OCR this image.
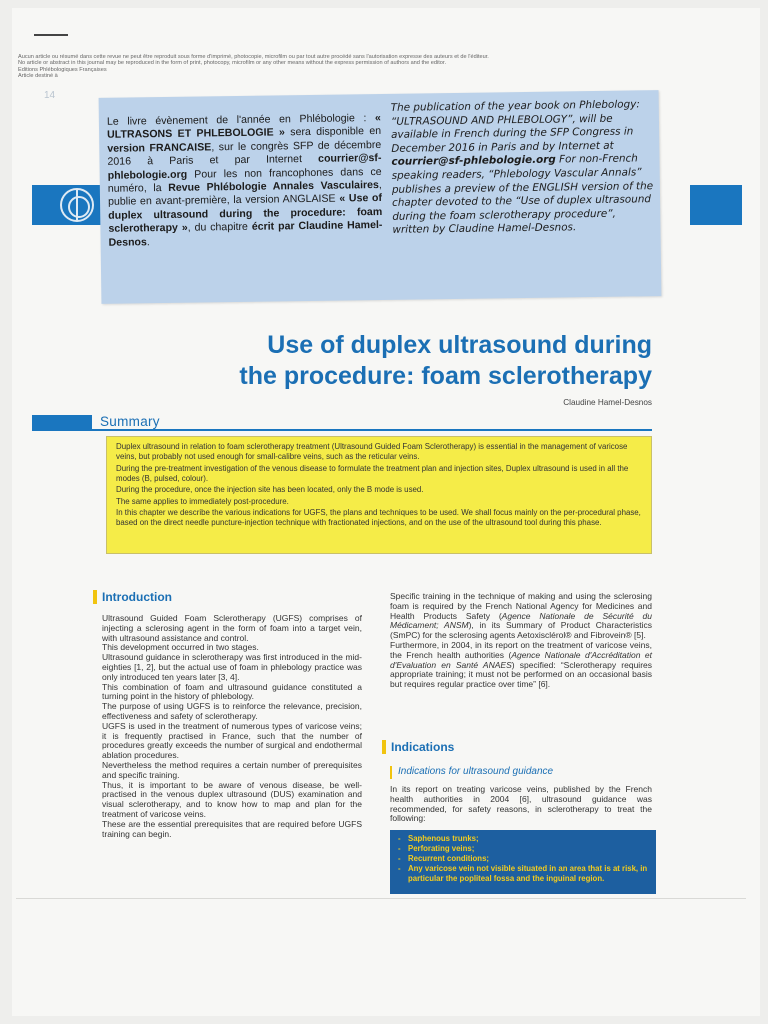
Aucun article ou résumé dans cette revue ne peut être reproduit sous forme d'imprimé, photocopie, microfilm ou par tout autre procédé sans l'autorisation expresse des auteurs et de l'éditeur.
No article or abstract in this journal may be reproduced in the form of print, photocopy, microfilm or any other means without the express permission of authors and the editor.
Editions Phlébologiques Françaises
Article destiné à
14
Le livre évènement de l'année en Phlébologie : « ULTRASONS ET PHLEBOLOGIE » sera disponible en version FRANCAISE, sur le congrès SFP de décembre 2016 à Paris et par Internet courrier@sf-phlebologie.org Pour les non francophones dans ce numéro, la Revue Phlébologie Annales Vasculaires, publie en avant-première, la version ANGLAISE « Use of duplex ultrasound during the procedure: foam sclerotherapy », du chapitre écrit par Claudine Hamel-Desnos.
The publication of the year book on Phlebology: “ULTRASOUND AND PHLEBOLOGY”, will be available in French during the SFP Congress in December 2016 in Paris and by Internet at courrier@sf-phlebologie.org For non-French speaking readers, “Phlebology Vascular Annals” publishes a preview of the ENGLISH version of the chapter devoted to the “Use of duplex ultrasound during the foam sclerotherapy procedure”, written by Claudine Hamel-Desnos.
Use of duplex ultrasound during
the procedure: foam sclerotherapy
Claudine Hamel-Desnos
Summary

Duplex ultrasound in relation to foam sclerotherapy treatment (Ultrasound Guided Foam Sclerotherapy) is essential in the management of varicose veins, but probably not used enough for small-calibre veins, such as the reticular veins.

During the pre-treatment investigation of the venous disease to formulate the treatment plan and injection sites, Duplex ultrasound is used in all the modes (B, pulsed, colour).

During the procedure, once the injection site has been located, only the B mode is used.

The same applies to immediately post-procedure.

In this chapter we describe the various indications for UGFS, the plans and techniques to be used. We shall focus mainly on the per-procedural phase, based on the direct needle puncture-injection technique with fractionated injections, and on the use of the ultrasound tool during this phase.

Introduction

Ultrasound Guided Foam Sclerotherapy (UGFS) comprises of injecting a sclerosing agent in the form of foam into a target vein, with ultrasound assistance and control.

This development occurred in two stages.

Ultrasound guidance in sclerotherapy was first introduced in the mid-eighties [1, 2], but the actual use of foam in phlebology practice was only introduced ten years later [3, 4].

This combination of foam and ultrasound guidance constituted a turning point in the history of phlebology.

The purpose of using UGFS is to reinforce the relevance, precision, effectiveness and safety of sclerotherapy.

UGFS is used in the treatment of numerous types of varicose veins; it is frequently practised in France, such that the number of procedures greatly exceeds the number of surgical and endothermal ablation procedures.

Nevertheless the method requires a certain number of prerequisites and specific training.

Thus, it is important to be aware of venous disease, be well-practised in the venous duplex ultrasound (DUS) examination and visual sclerotherapy, and to know how to map and plan for the treatment of varicose veins.

These are the essential prerequisites that are required before UGFS training can begin.

Specific training in the technique of making and using the sclerosing foam is required by the French National Agency for Medicines and Health Products Safety (Agence Nationale de Sécurité du Médicament; ANSM), in its Summary of Product Characteristics (SmPC) for the sclerosing agents Aetoxisclérol® and Fibrovein® [5].

Furthermore, in 2004, in its report on the treatment of varicose veins, the French health authorities (Agence Nationale d'Accréditation et d'Evaluation en Santé ANAES) specified: “Sclerotherapy requires appropriate training; it must not be performed on an occasional basis but requires regular practice over time” [6].

Indications
Indications for ultrasound guidance

In its report on treating varicose veins, published by the French health authorities in 2004 [6], ultrasound guidance was recommended, for safety reasons, in sclerotherapy to treat the following:

- Saphenous trunks;
- Perforating veins;
- Recurrent conditions;
- Any varicose vein not visible situated in an area that is at risk, in particular the popliteal fossa and the inguinal region.
